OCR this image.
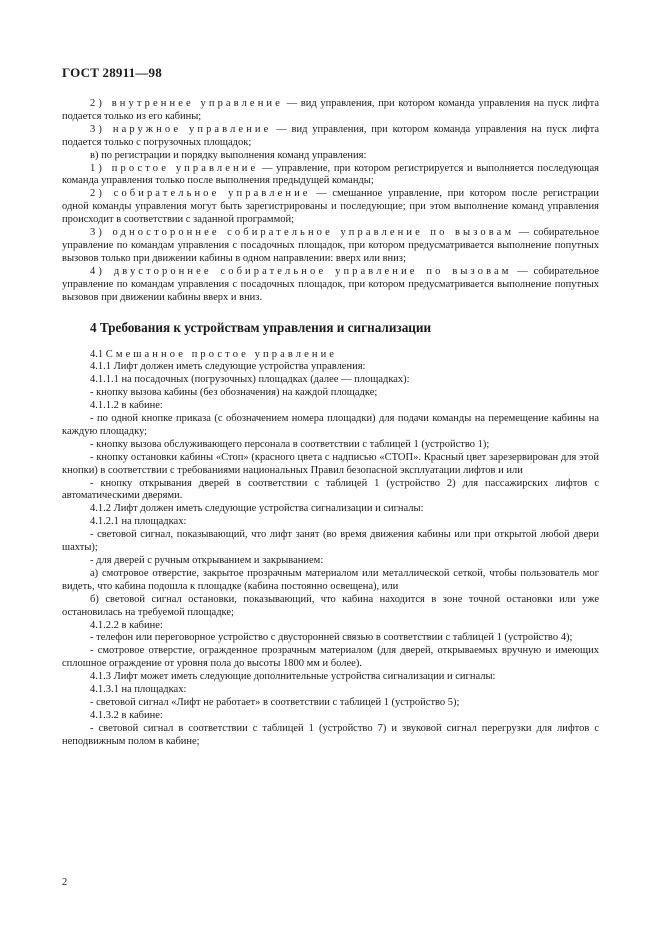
ГОСТ 28911—98

2) внутреннее управление — вид управления, при котором команда управления на пуск лифта подается только из его кабины;

3) наружное управление — вид управления, при котором команда управления на пуск лифта подается только с погрузочных площадок;

в) по регистрации и порядку выполнения команд управления:

1) простое управление — управление, при котором регистрируется и выполняется последующая команда управления только после выполнения предыдущей команды;

2) собирательное управление — смешанное управление, при котором после регистрации одной команды управления могут быть зарегистрированы и последующие; при этом выполнение команд управления происходит в соответствии с заданной программой;

3) одностороннее собирательное управление по вызовам — собирательное управление по командам управления с посадочных площадок, при котором предусматривается выполнение попутных вызовов только при движении кабины в одном направлении: вверх или вниз;

4) двустороннее собирательное управление по вызовам — собирательное управление по командам управления с посадочных площадок, при котором предусматривается выполнение попутных вызовов при движении кабины вверх и вниз.

4 Требования к устройствам управления и сигнализации

4.1 Смешанное простое управление

4.1.1 Лифт должен иметь следующие устройства управления:

4.1.1.1 на посадочных (погрузочных) площадках (далее — площадках):

- кнопку вызова кабины (без обозначения) на каждой площадке;

4.1.1.2 в кабине:

- по одной кнопке приказа (с обозначением номера площадки) для подачи команды на перемещение кабины на каждую площадку;

- кнопку вызова обслуживающего персонала в соответствии с таблицей 1 (устройство 1);

- кнопку остановки кабины «Стоп» (красного цвета с надписью «СТОП». Красный цвет зарезервирован для этой кнопки) в соответствии с требованиями национальных Правил безопасной эксплуатации лифтов и или

- кнопку открывания дверей в соответствии с таблицей 1 (устройство 2) для пассажирских лифтов с автоматическими дверями.

4.1.2 Лифт должен иметь следующие устройства сигнализации и сигналы:

4.1.2.1 на площадках:

- световой сигнал, показывающий, что лифт занят (во время движения кабины или при открытой любой двери шахты);

- для дверей с ручным открыванием и закрыванием:

а) смотровое отверстие, закрытое прозрачным материалом или металлической сеткой, чтобы пользователь мог видеть, что кабина подошла к площадке (кабина постоянно освещена), или

б) световой сигнал остановки, показывающий, что кабина находится в зоне точной остановки или уже остановилась на требуемой площадке;

4.1.2.2 в кабине:

- телефон или переговорное устройство с двусторонней связью в соответствии с таблицей 1 (устройство 4);

- смотровое отверстие, огражденное прозрачным материалом (для дверей, открываемых вручную и имеющих сплошное ограждение от уровня пола до высоты 1800 мм и более).

4.1.3 Лифт может иметь следующие дополнительные устройства сигнализации и сигналы:

4.1.3.1 на площадках:

- световой сигнал «Лифт не работает» в соответствии с таблицей 1 (устройство 5);

4.1.3.2 в кабине:

- световой сигнал в соответствии с таблицей 1 (устройство 7) и звуковой сигнал перегрузки для лифтов с неподвижным полом в кабине;

2
